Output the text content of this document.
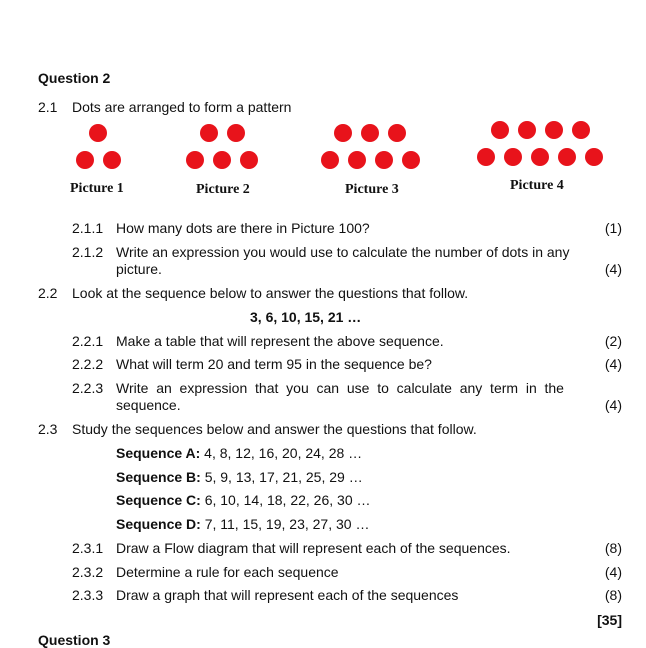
Question 2
2.1 Dots are arranged to form a pattern
Picture 1	Picture 2	Picture 3	Picture 4
2.1.1 How many dots are there in Picture 100?	(1)
2.1.2 Write an expression you would use to calculate the number of dots in any
picture.	(4)
2.2 Look at the sequence below to answer the questions that follow.
3, 6, 10, 15, 21 …
2.2.1 Make a table that will represent the above sequence.	(2)
2.2.2 What will term 20 and term 95 in the sequence be?	(4)
2.2.3 Write  an  expression  that  you  can  use  to  calculate  any  term  in  the
sequence.	(4)
2.3 Study the sequences below and answer the questions that follow.
Sequence A: 4, 8, 12, 16, 20, 24, 28 …
Sequence B: 5, 9, 13, 17, 21, 25, 29 …
Sequence C: 6, 10, 14, 18, 22, 26, 30 …
Sequence D: 7, 11, 15, 19, 23, 27, 30 …
2.3.1 Draw a Flow diagram that will represent each of the sequences.	(8)
2.3.2 Determine a rule for each sequence	(4)
2.3.3 Draw a graph that will represent each of the sequences	(8)
[35]
Question 3
